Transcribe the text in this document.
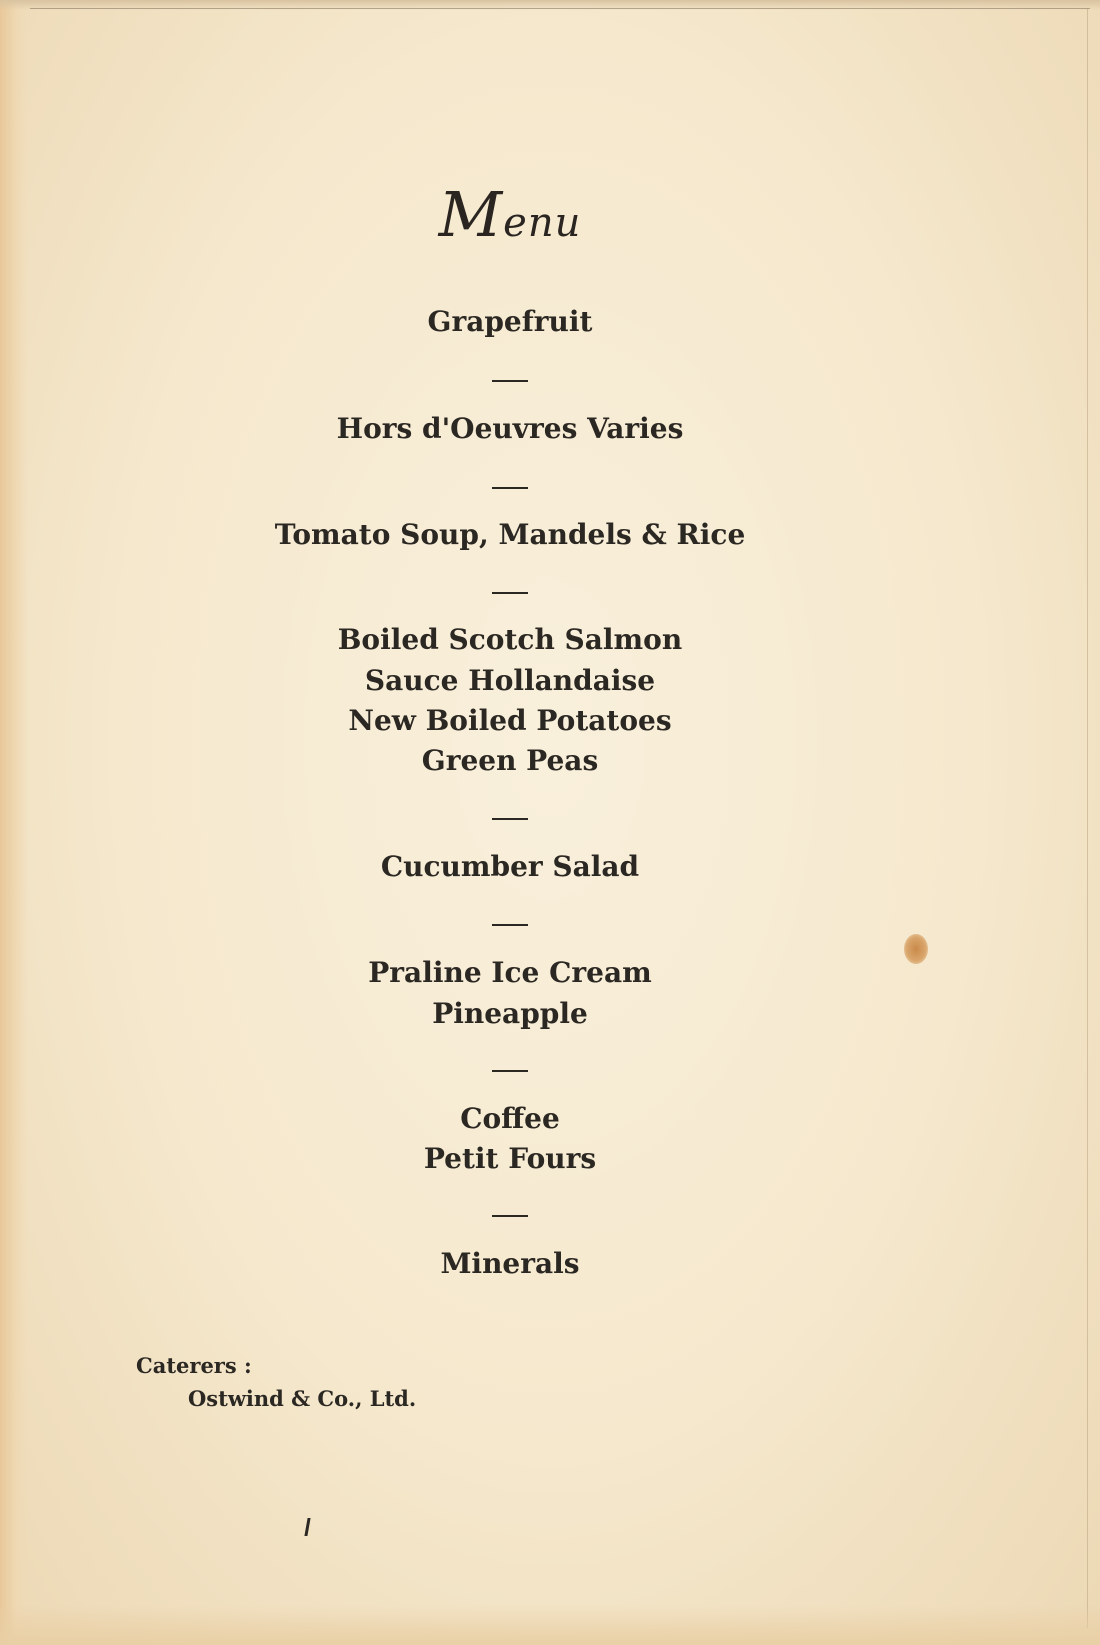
Menu
Grapefruit
Hors d'Oeuvres Varies
Tomato Soup, Mandels & Rice
Boiled Scotch Salmon
Sauce Hollandaise
New Boiled Potatoes
Green Peas
Cucumber Salad
Praline Ice Cream
Pineapple
Coffee
Petit Fours
Minerals
Caterers :
Ostwind & Co., Ltd.
